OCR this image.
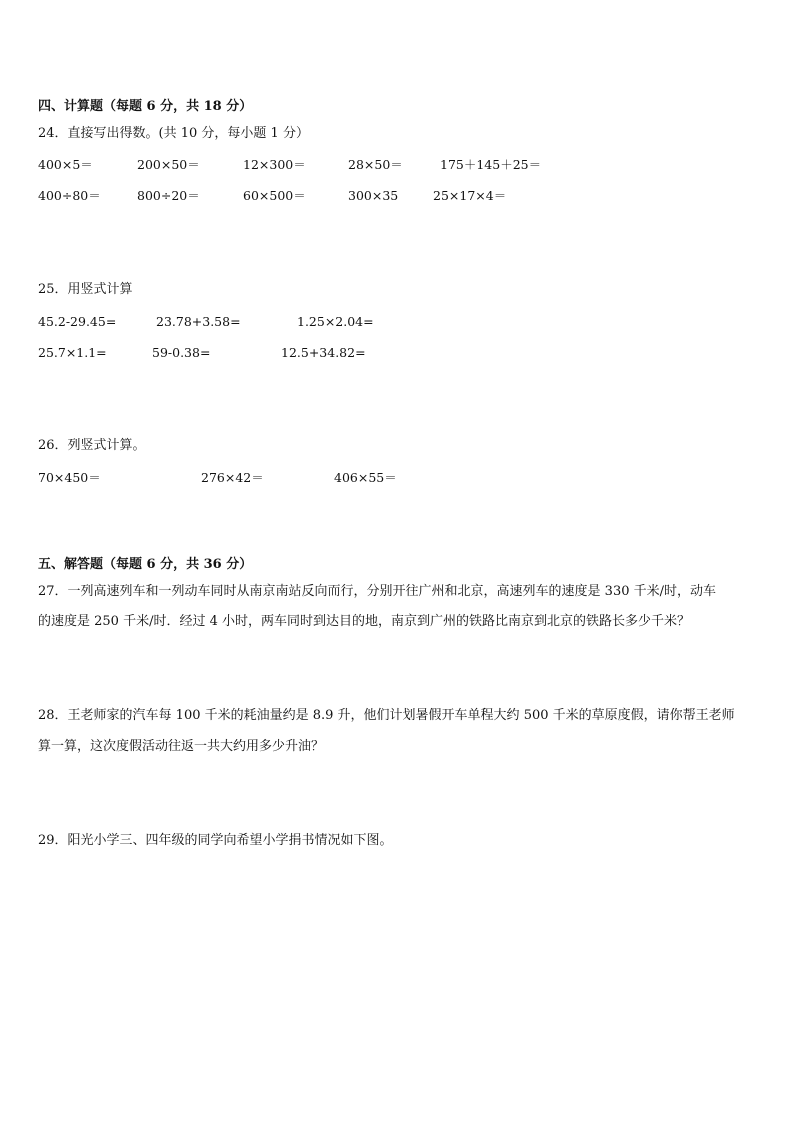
四、计算题（每题 6 分，共 18 分）
24．直接写出得数。(共 10 分，每小题 1 分）
400×5＝	200×50＝	12×300＝	28×50＝	175＋145＋25＝
400÷80＝	800÷20＝	60×500＝	300×35	25×17×4＝
25．用竖式计算
45.2-29.45=	23.78+3.58=	1.25×2.04=
25.7×1.1=	59-0.38=	12.5+34.82=
26．列竖式计算。
70×450＝	276×42＝	406×55＝
五、解答题（每题 6 分，共 36 分）
27．一列高速列车和一列动车同时从南京南站反向而行，分别开往广州和北京，高速列车的速度是 330 千米/时，动车
的速度是 250 千米/时．经过 4 小时，两车同时到达目的地，南京到广州的铁路比南京到北京的铁路长多少千米？
28．王老师家的汽车每 100 千米的耗油量约是 8.9 升，他们计划暑假开车单程大约 500 千米的草原度假，请你帮王老师
算一算，这次度假活动往返一共大约用多少升油？
29．阳光小学三、四年级的同学向希望小学捐书情况如下图。
